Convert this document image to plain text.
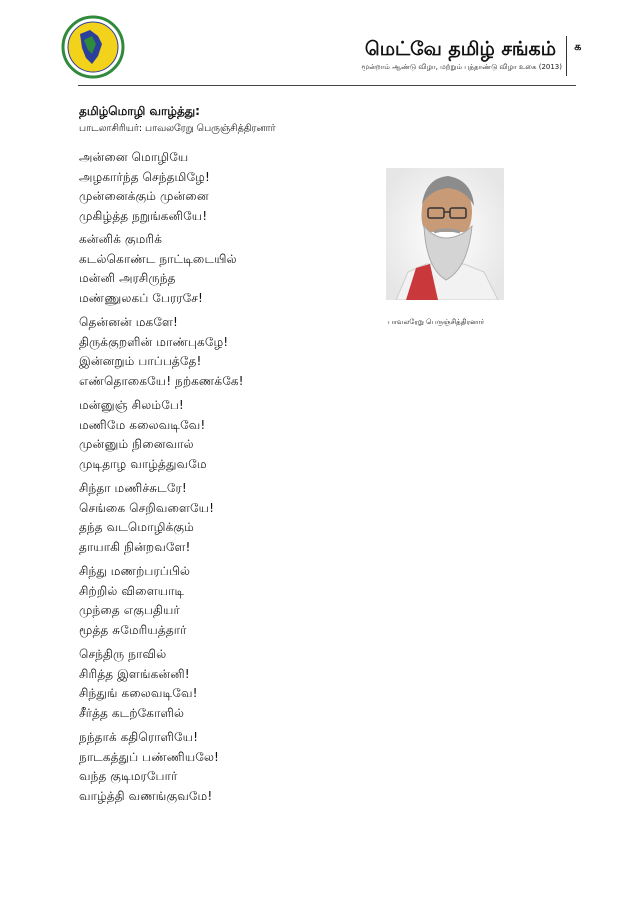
மெட்வே தமிழ் சங்கம்
மூன்றாம் ஆண்டு விழா, மற்றும் புத்தாண்டு விழா உகை (2013)
௧
தமிழ்மொழி வாழ்த்து:
பாடலாசிரியர்: பாவலரேறு பெருஞ்சித்திரனார்
அன்னை மொழியே
அழகார்ந்த செந்தமிழே!
முன்னைக்கும் முன்னை
முகிழ்த்த நறுங்கனியே!
கன்னிக் குமரிக்
கடல்கொண்ட நாட்டிடையில்
மன்னி அரசிருந்த
மண்ணுலகப் பேரரசே!
தென்னன் மகளே!
திருக்குறளின் மாண்புகழே!
இன்னறும் பாப்பத்தே!
எண்தொகையே! நற்கணக்கே!
மன்னுஞ் சிலம்பே!
மணிமே கலைவடிவே!
முன்னும் நினைவால்
முடிதாழ வாழ்த்துவமே
சிந்தா மணிச்சுடரே!
செங்கை செறிவளையே!
தந்த வடமொழிக்கும்
தாயாகி நின்றவளே!
சிந்து மணற்பரப்பில்
சிற்றில் விளையாடி
முந்தை எகுபதியர்
மூத்த சுமேரியத்தார்
செந்திரு நாவில்
சிரித்த இளங்கன்னி!
சிந்துங் கலைவடிவே!
சீர்த்த கடற்கோளில்
நந்தாக் கதிரொளியே!
நாடகத்துப் பண்ணியலே!
வந்த குடிமரபோர்
வாழ்த்தி வணங்குவமே!
பாவலரேறு பெருஞ்சித்திரனார்
